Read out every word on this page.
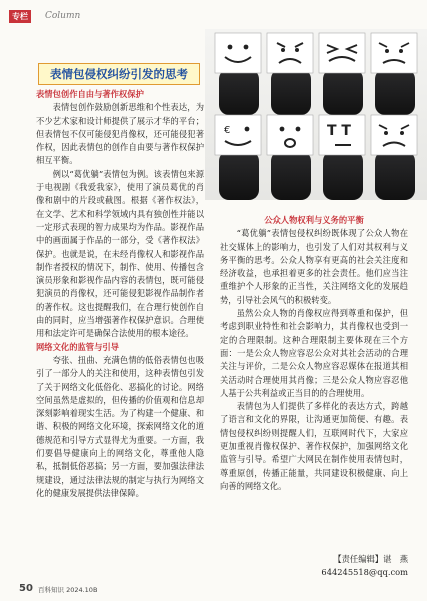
专栏	Column
€	T T
表情包侵权纠纷引发的思考
表情包创作自由与著作权保护

表情包创作鼓励创新思维和个性表达，为不少艺术家和设计师提供了展示才华的平台；但表情包不仅可能侵犯肖像权，还可能侵犯著作权，因此表情包的创作自由要与著作权保护相互平衡。

例以“葛优躺”表情包为例。该表情包来源于电视剧《我爱我家》，使用了演员葛优的肖像和剧中的片段或截图。根据《著作权法》，在文学、艺术和科学领域内具有独创性并能以一定形式表现的智力成果均为作品。影视作品中的画面属于作品的一部分，受《著作权法》保护。也就是说，在未经肖像权人和影视作品制作者授权的情况下，制作、使用、传播包含演员形象和影视作品内容的表情包，既可能侵犯演员的肖像权，还可能侵犯影视作品制作者的著作权。这也提醒我们，在合理行使创作自由的同时，应当增强著作权保护意识。合理使用和法定许可是确保合法使用的根本途径。

网络文化的监管与引导

夸张、扭曲、充满色情的低俗表情包也吸引了一部分人的关注和使用，这种表情包引发了关于网络文化低俗化、恶搞化的讨论。网络空间虽然是虚拟的，但传播的价值观和信息却深刻影响着现实生活。为了构建一个健康、和谐、积极的网络文化环境，探索网络文化的道德规范和引导方式显得尤为重要。一方面，我们要倡导健康向上的网络文化，尊重他人隐私，抵制低俗恶搞；另一方面，要加强法律法规建设，通过法律法规的制定与执行为网络文化的健康发展提供法律保障。

公众人物权利与义务的平衡

“葛优躺”表情包侵权纠纷既体现了公众人物在社交媒体上的影响力，也引发了人们对其权利与义务平衡的思考。公众人物享有更高的社会关注度和经济收益，也承担着更多的社会责任。他们应当注重维护个人形象的正当性，关注网络文化的发展趋势，引导社会风气的积极转变。

虽然公众人物的肖像权应得到尊重和保护，但考虑到职业特性和社会影响力，其肖像权也受到一定的合理限制。这种合理限制主要体现在三个方面：一是公众人物应容忍公众对其社会活动的合理关注与评价，二是公众人物应容忍媒体在报道其相关活动时合理使用其肖像；三是公众人物应容忍他人基于公共利益或正当目的的合理使用。

表情包为人们提供了多样化的表达方式，跨越了语言和文化的界限，让沟通更加简便、有趣。表情包侵权纠纷则提醒人们，互联网时代下，大家应更加重视肖像权保护、著作权保护，加强网络文化监管与引导。希望广大网民在制作使用表情包时，尊重原创，传播正能量，共同建设积极健康、向上向善的网络文化。

【责任编辑】谌　燕
644245518@qq.com
50 百科知识 2024.10B
